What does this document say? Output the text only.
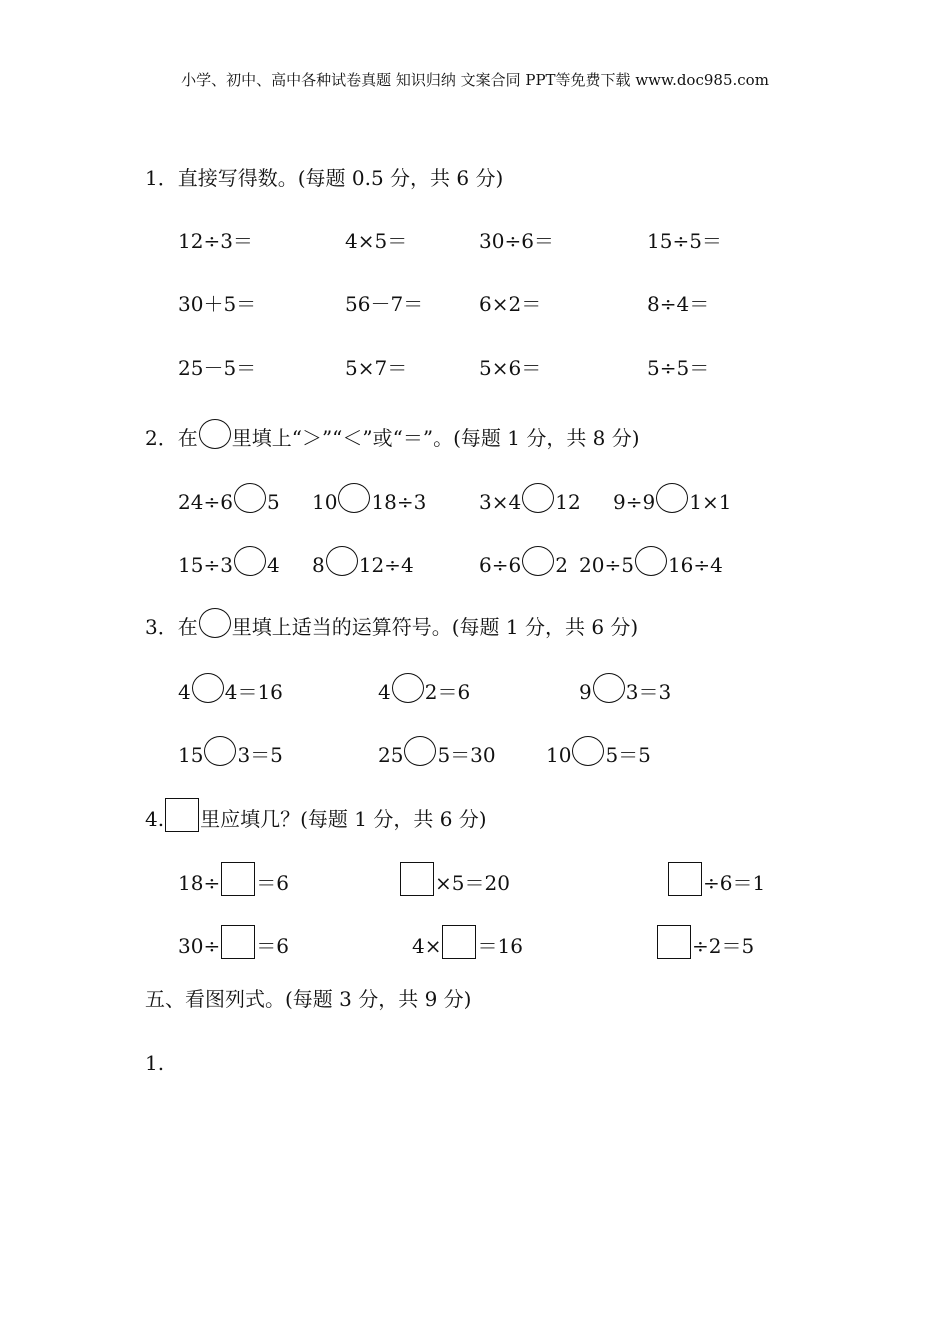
小学、初中、高中各种试卷真题 知识归纳 文案合同 PPT等免费下载 www.doc985.com
1．直接写得数。(每题 0.5 分，共 6 分)
12÷3＝	4×5＝	30÷6＝	15÷5＝
30＋5＝	56－7＝	6×2＝	8÷4＝
25－5＝	5×7＝	5×6＝	5÷5＝
2．在 里填上“＞”“＜”或“＝”。(每题 1 分，共 8 分)
24÷6 5 10 18÷3	3×4 12 9÷9 1×1
15÷3 4 8 12÷4	6÷6 2 20÷5 16÷4
3．在 里填上适当的运算符号。(每题 1 分，共 6 分)
4 4＝16	4 2＝6	9 3＝3
15 3＝5	25 5＝30	10 5＝5
4. 里应填几？(每题 1 分，共 6 分)
18÷ ＝6	×5＝20	÷6＝1
30÷ ＝6	4× ＝16	÷2＝5
五、看图列式。(每题 3 分，共 9 分)
1.
